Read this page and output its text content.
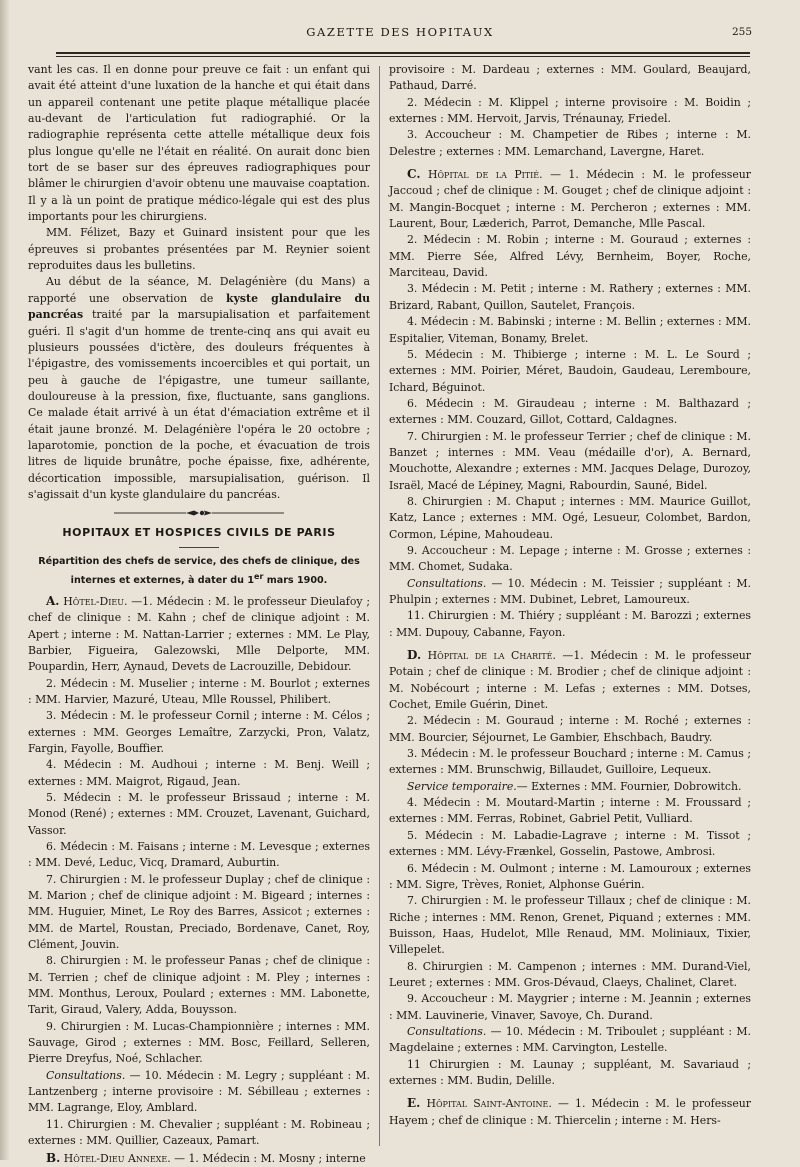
GAZETTE DES HOPITAUX	255

vant les cas. Il en donne pour preuve ce fait : un enfant qui avait été atteint d'une luxation de la hanche et qui était dans un appareil contenant une petite plaque métallique placée au-devant de l'articulation fut radiographié. Or la radiographie représenta cette attelle métallique deux fois plus longue qu'elle ne l'était en réalité. On aurait donc bien tort de se baser sur des épreuves radiographiques pour blâmer le chirurgien d'avoir obtenu une mauvaise coaptation. Il y a là un point de pratique médico-légale qui est des plus importants pour les chirurgiens.

MM. Félizet, Bazy et Guinard insistent pour que les épreuves si probantes présentées par M. Reynier soient reproduites daus les bulletins.

Au début de la séance, M. Delagénière (du Mans) a rapporté une observation de kyste glandulaire du pancréas traité par la marsupialisation et parfaitement guéri. Il s'agit d'un homme de trente-cinq ans qui avait eu plusieurs poussées d'ictère, des douleurs fréquentes à l'épigastre, des vomissements incoercibles et qui portait, un peu à gauche de l'épigastre, une tumeur saillante, douloureuse à la pression, fixe, fluctuante, sans ganglions. Ce malade était arrivé à un état d'émaciation extrême et il était jaune bronzé. M. Delagénière l'opéra le 20 octobre ; laparotomie, ponction de la poche, et évacuation de trois litres de liquide brunâtre, poche épaisse, fixe, adhérente, décortication impossible, marsupialisation, guérison. Il s'agissait d'un kyste glandulaire du pancréas.

HOPITAUX ET HOSPICES CIVILS DE PARIS
Répartition des chefs de service, des chefs de clinique, des internes et externes, à dater du 1er mars 1900.

A. Hôtel-Dieu. —1. Médecin : M. le professeur Dieulafoy ; chef de clinique : M. Kahn ; chef de clinique adjoint : M. Apert ; interne : M. Nattan-Larrier ; externes : MM. Le Play, Barbier, Figueira, Galezowski, Mlle Delporte, MM. Poupardin, Herr, Aynaud, Devets de Lacrouzille, Debidour.

2. Médecin : M. Muselier ; interne : M. Bourlot ; externes : MM. Harvier, Mazuré, Uteau, Mlle Roussel, Philibert.

3. Médecin : M. le professeur Cornil ; interne : M. Célos ; externes : MM. Georges Lemaître, Zarzycki, Pron, Valatz, Fargin, Fayolle, Bouffier.

4. Médecin : M. Audhoui ; interne : M. Benj. Weill ; externes : MM. Maigrot, Rigaud, Jean.

5. Médecin : M. le professeur Brissaud ; interne : M. Monod (René) ; externes : MM. Crouzet, Lavenant, Guichard, Vassor.

6. Médecin : M. Faisans ; interne : M. Levesque ; externes : MM. Devé, Leduc, Vicq, Dramard, Auburtin.

7. Chirurgien : M. le professeur Duplay ; chef de clinique : M. Marion ; chef de clinique adjoint : M. Bigeard ; internes : MM. Huguier, Minet, Le Roy des Barres, Assicot ; externes : MM. de Martel, Roustan, Preciado, Bordenave, Canet, Roy, Clément, Jouvin.

8. Chirurgien : M. le professeur Panas ; chef de clinique : M. Terrien ; chef de clinique adjoint : M. Pley ; internes : MM. Monthus, Leroux, Poulard ; externes : MM. Labonette, Tarit, Giraud, Valery, Adda, Bouysson.

9. Chirurgien : M. Lucas-Championnière ; internes : MM. Sauvage, Girod ; externes : MM. Bosc, Feillard, Selleren, Pierre Dreyfus, Noé, Schlacher.

Consultations. — 10. Médecin : M. Legry ; suppléant : M. Lantzenberg ; interne provisoire : M. Sébilleau ; externes : MM. Lagrange, Eloy, Amblard.

11. Chirurgien : M. Chevalier ; suppléant : M. Robineau ; externes : MM. Quillier, Cazeaux, Pamart.

B. Hôtel-Dieu Annexe. — 1. Médecin : M. Mosny ; interne

provisoire : M. Dardeau ; externes : MM. Goulard, Beaujard, Pathaud, Darré.

2. Médecin : M. Klippel ; interne provisoire : M. Boidin ; externes : MM. Hervoit, Jarvis, Trénaunay, Friedel.

3. Accoucheur : M. Champetier de Ribes ; interne : M. Delestre ; externes : MM. Lemarchand, Lavergne, Haret.

C. Hôpital de la Pitié. — 1. Médecin : M. le professeur Jaccoud ; chef de clinique : M. Gouget ; chef de clinique adjoint : M. Mangin-Bocquet ; interne : M. Percheron ; externes : MM. Laurent, Bour, Læderich, Parrot, Demanche, Mlle Pascal.

2. Médecin : M. Robin ; interne : M. Gouraud ; externes : MM. Pierre Sée, Alfred Lévy, Bernheim, Boyer, Roche, Marciteau, David.

3. Médecin : M. Petit ; interne : M. Rathery ; externes : MM. Brizard, Rabant, Quillon, Sautelet, François.

4. Médecin : M. Babinski ; interne : M. Bellin ; externes : MM. Espitalier, Viteman, Bonamy, Brelet.

5. Médecin : M. Thibierge ; interne : M. L. Le Sourd ; externes : MM. Poirier, Méret, Baudoin, Gaudeau, Leremboure, Ichard, Béguinot.

6. Médecin : M. Giraudeau ; interne : M. Balthazard ; externes : MM. Couzard, Gillot, Cottard, Caldagnes.

7. Chirurgien : M. le professeur Terrier ; chef de clinique : M. Banzet ; internes : MM. Veau (médaille d'or), A. Bernard, Mouchotte, Alexandre ; externes : MM. Jacques Delage, Durozoy, Israël, Macé de Lépiney, Magni, Rabourdin, Sauné, Bidel.

8. Chirurgien : M. Chaput ; internes : MM. Maurice Guillot, Katz, Lance ; externes : MM. Ogé, Lesueur, Colombet, Bardon, Cormon, Lépine, Mahoudeau.

9. Accoucheur : M. Lepage ; interne : M. Grosse ; externes : MM. Chomet, Sudaka.

Consultations. — 10. Médecin : M. Teissier ; suppléant : M. Phulpin ; externes : MM. Dubinet, Lebret, Lamoureux.

11. Chirurgien : M. Thiéry ; suppléant : M. Barozzi ; externes : MM. Dupouy, Cabanne, Fayon.

D. Hôpital de la Charité. —1. Médecin : M. le professeur Potain ; chef de clinique : M. Brodier ; chef de clinique adjoint : M. Nobécourt ; interne : M. Lefas ; externes : MM. Dotses, Cochet, Emile Guérin, Dinet.

2. Médecin : M. Gouraud ; interne : M. Roché ; externes : MM. Bourcier, Séjournet, Le Gambier, Ehschbach, Baudry.

3. Médecin : M. le professeur Bouchard ; interne : M. Camus ; externes : MM. Brunschwig, Billaudet, Guilloire, Lequeux.

Service temporaire.— Externes : MM. Fournier, Dobrowitch.

4. Médecin : M. Moutard-Martin ; interne : M. Froussard ; externes : MM. Ferras, Robinet, Gabriel Petit, Vulliard.

5. Médecin : M. Labadie-Lagrave ; interne : M. Tissot ; externes : MM. Lévy-Frænkel, Gosselin, Pastowe, Ambrosi.

6. Médecin : M. Oulmont ; interne : M. Lamouroux ; externes : MM. Sigre, Trèves, Roniet, Alphonse Guérin.

7. Chirurgien : M. le professeur Tillaux ; chef de clinique : M. Riche ; internes : MM. Renon, Grenet, Piquand ; externes : MM. Buisson, Haas, Hudelot, Mlle Renaud, MM. Moliniaux, Tixier, Villepelet.

8. Chirurgien : M. Campenon ; internes : MM. Durand-Viel, Leuret ; externes : MM. Gros-Dévaud, Claeys, Chalinet, Claret.

9. Accoucheur : M. Maygrier ; interne : M. Jeannin ; externes : MM. Lauvinerie, Vinaver, Savoye, Ch. Durand.

Consultations. — 10. Médecin : M. Triboulet ; suppléant : M. Magdelaine ; externes : MM. Carvington, Lestelle.

11 Chirurgien : M. Launay ; suppléant, M. Savariaud ; externes : MM. Budin, Delille.

E. Hôpital Saint-Antoine. — 1. Médecin : M. le professeur Hayem ; chef de clinique : M. Thiercelin ; interne : M. Hers-
